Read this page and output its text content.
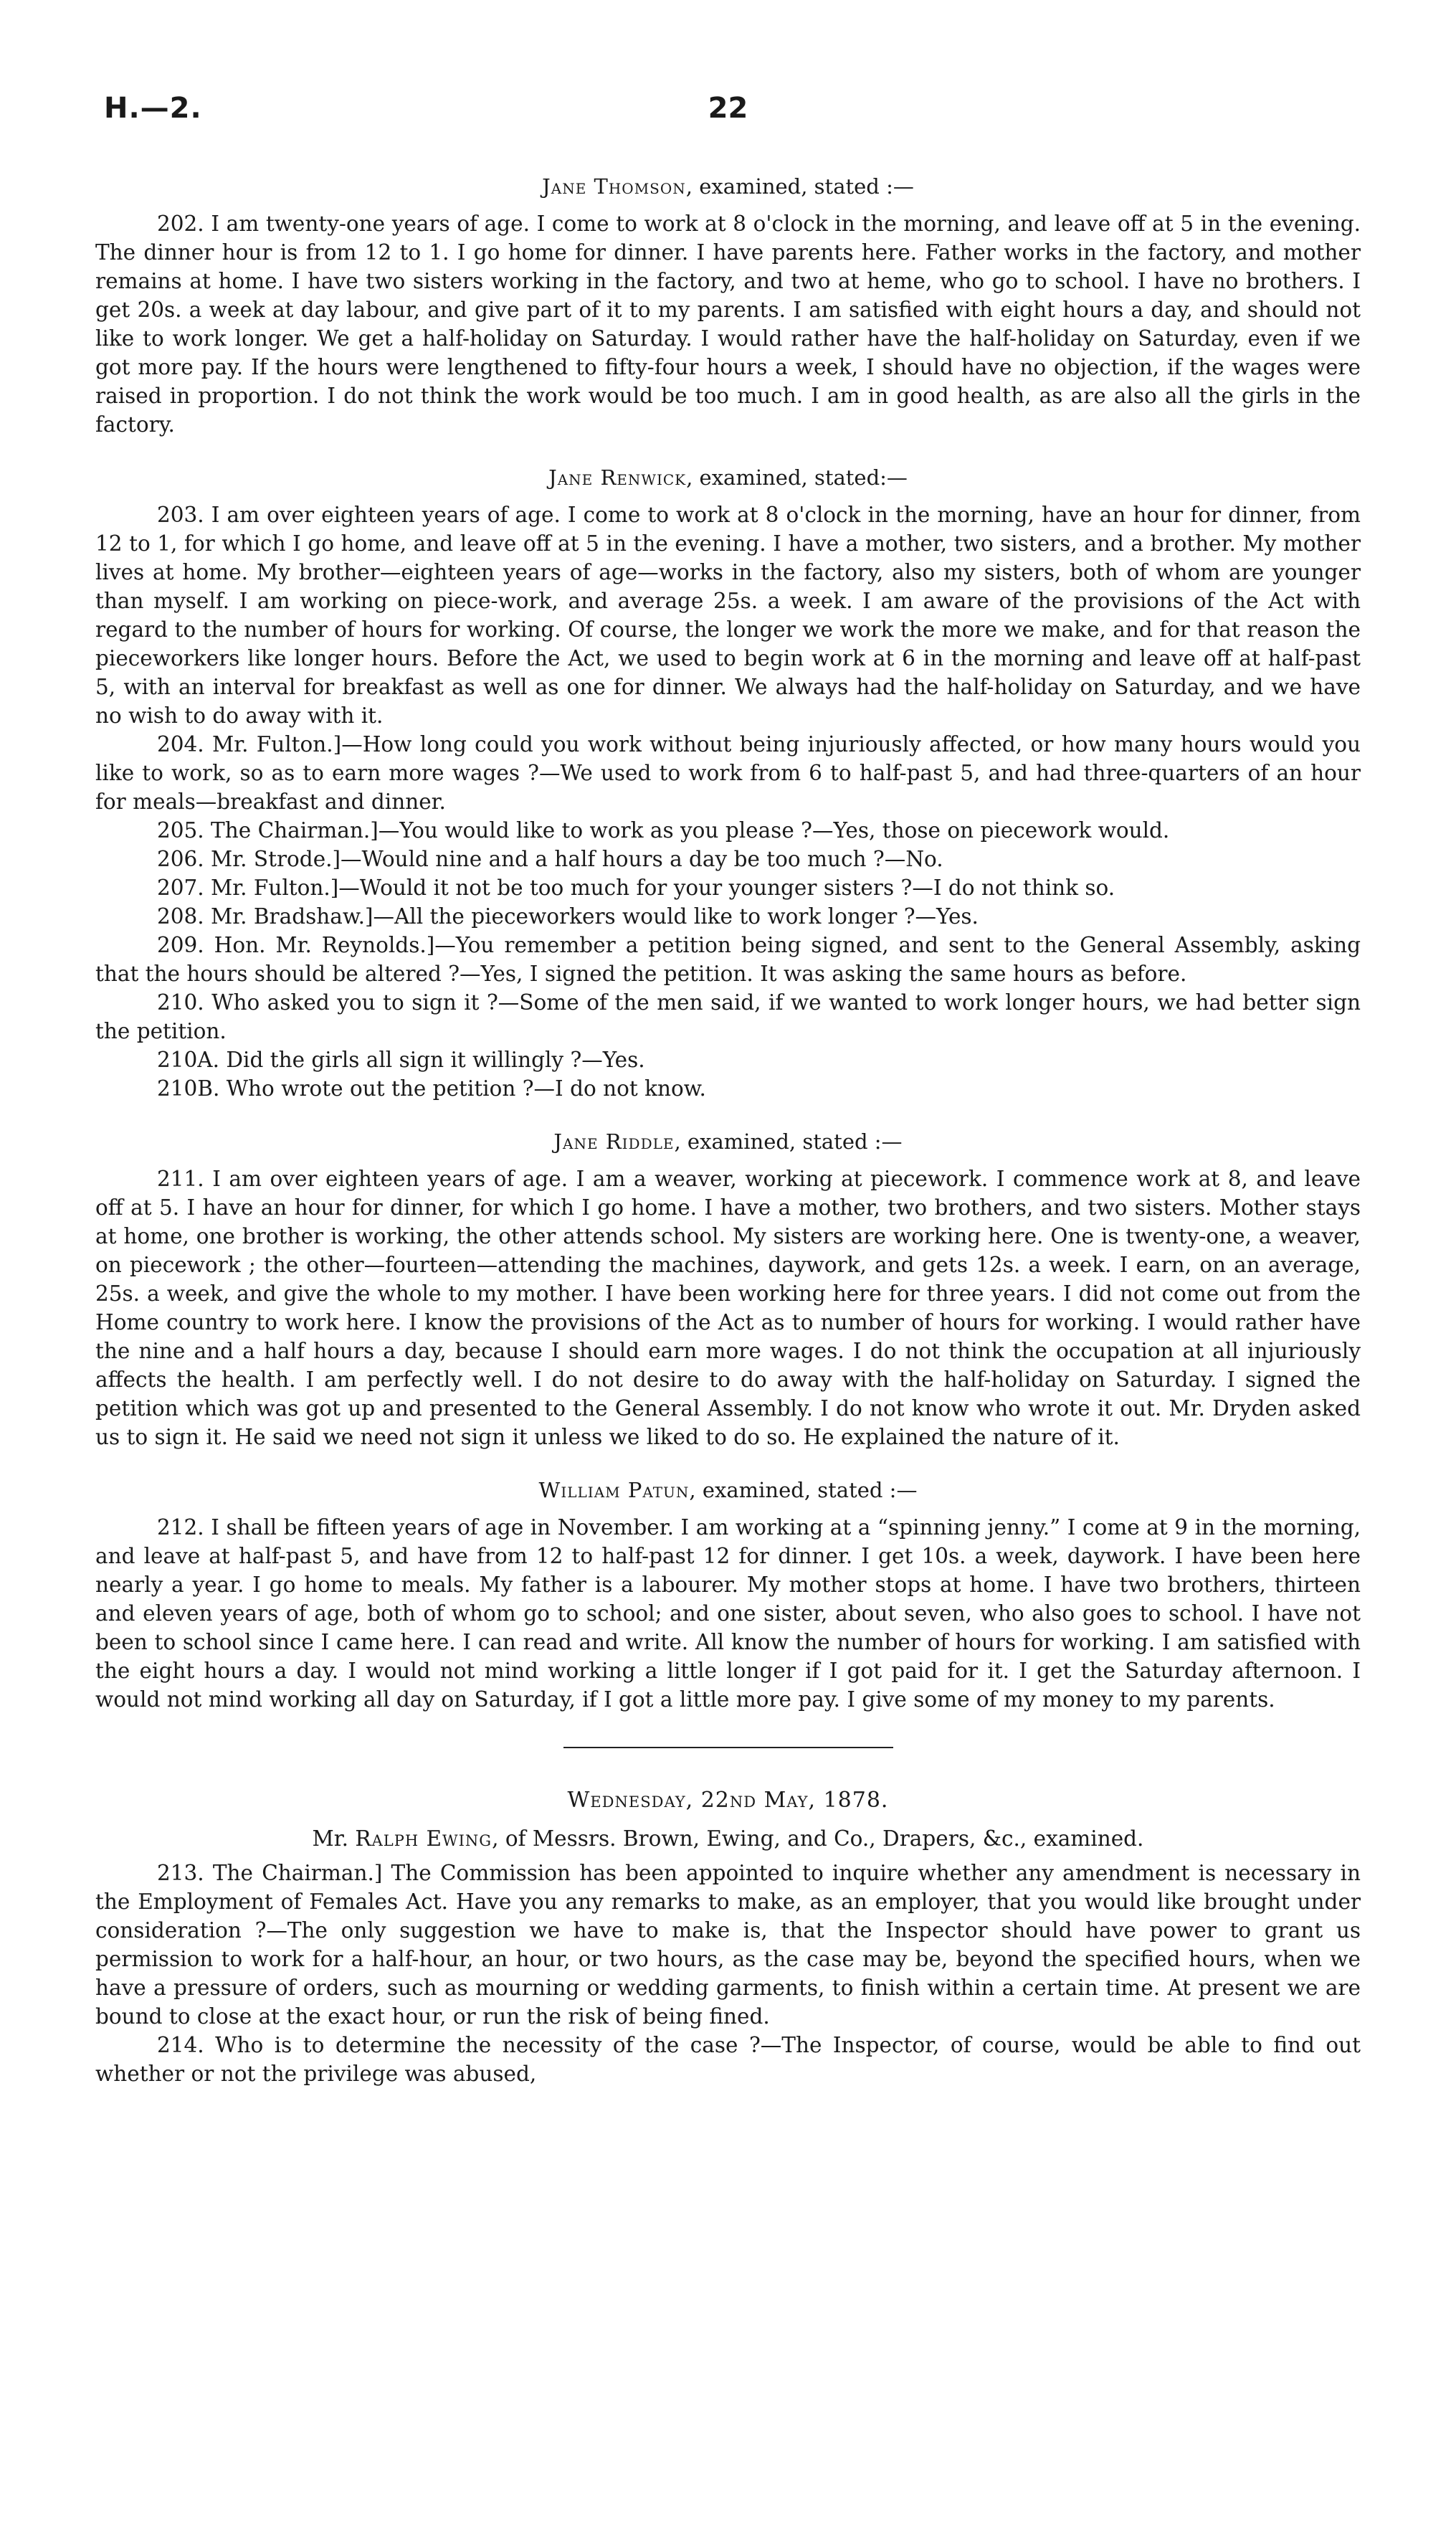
H.—2.	22

Jane Thomson, examined, stated :—

202. I am twenty-one years of age. I come to work at 8 o'clock in the morning, and leave off at 5 in the evening. The dinner hour is from 12 to 1. I go home for dinner. I have parents here. Father works in the factory, and mother remains at home. I have two sisters working in the factory, and two at heme, who go to school. I have no brothers. I get 20s. a week at day labour, and give part of it to my parents. I am satisfied with eight hours a day, and should not like to work longer. We get a half-holiday on Saturday. I would rather have the half-holiday on Saturday, even if we got more pay. If the hours were lengthened to fifty-four hours a week, I should have no objection, if the wages were raised in proportion. I do not think the work would be too much. I am in good health, as are also all the girls in the factory.

Jane Renwick, examined, stated:—

203. I am over eighteen years of age. I come to work at 8 o'clock in the morning, have an hour for dinner, from 12 to 1, for which I go home, and leave off at 5 in the evening. I have a mother, two sisters, and a brother. My mother lives at home. My brother—eighteen years of age—works in the factory, also my sisters, both of whom are younger than myself. I am working on piece-work, and average 25s. a week. I am aware of the provisions of the Act with regard to the number of hours for working. Of course, the longer we work the more we make, and for that reason the pieceworkers like longer hours. Before the Act, we used to begin work at 6 in the morning and leave off at half-past 5, with an interval for breakfast as well as one for dinner. We always had the half-holiday on Saturday, and we have no wish to do away with it.

204. Mr. Fulton.]—How long could you work without being injuriously affected, or how many hours would you like to work, so as to earn more wages ?—We used to work from 6 to half-past 5, and had three-quarters of an hour for meals—breakfast and dinner.

205. The Chairman.]—You would like to work as you please ?—Yes, those on piecework would.

206. Mr. Strode.]—Would nine and a half hours a day be too much ?—No.

207. Mr. Fulton.]—Would it not be too much for your younger sisters ?—I do not think so.

208. Mr. Bradshaw.]—All the pieceworkers would like to work longer ?—Yes.

209. Hon. Mr. Reynolds.]—You remember a petition being signed, and sent to the General Assembly, asking that the hours should be altered ?—Yes, I signed the petition. It was asking the same hours as before.

210. Who asked you to sign it ?—Some of the men said, if we wanted to work longer hours, we had better sign the petition.

210A. Did the girls all sign it willingly ?—Yes.

210B. Who wrote out the petition ?—I do not know.

Jane Riddle, examined, stated :—

211. I am over eighteen years of age. I am a weaver, working at piecework. I commence work at 8, and leave off at 5. I have an hour for dinner, for which I go home. I have a mother, two brothers, and two sisters. Mother stays at home, one brother is working, the other attends school. My sisters are working here. One is twenty-one, a weaver, on piecework ; the other—fourteen—attending the machines, daywork, and gets 12s. a week. I earn, on an average, 25s. a week, and give the whole to my mother. I have been working here for three years. I did not come out from the Home country to work here. I know the provisions of the Act as to number of hours for working. I would rather have the nine and a half hours a day, because I should earn more wages. I do not think the occupation at all injuriously affects the health. I am perfectly well. I do not desire to do away with the half-holiday on Saturday. I signed the petition which was got up and presented to the General Assembly. I do not know who wrote it out. Mr. Dryden asked us to sign it. He said we need not sign it unless we liked to do so. He explained the nature of it.

William Patun, examined, stated :—

212. I shall be fifteen years of age in November. I am working at a “spinning jenny.” I come at 9 in the morning, and leave at half-past 5, and have from 12 to half-past 12 for dinner. I get 10s. a week, daywork. I have been here nearly a year. I go home to meals. My father is a labourer. My mother stops at home. I have two brothers, thirteen and eleven years of age, both of whom go to school; and one sister, about seven, who also goes to school. I have not been to school since I came here. I can read and write. All know the number of hours for working. I am satisfied with the eight hours a day. I would not mind working a little longer if I got paid for it. I get the Saturday afternoon. I would not mind working all day on Saturday, if I got a little more pay. I give some of my money to my parents.

Wednesday, 22nd May, 1878.

Mr. Ralph Ewing, of Messrs. Brown, Ewing, and Co., Drapers, &c., examined.

213. The Chairman.] The Commission has been appointed to inquire whether any amendment is necessary in the Employment of Females Act. Have you any remarks to make, as an employer, that you would like brought under consideration ?—The only suggestion we have to make is, that the Inspector should have power to grant us permission to work for a half-hour, an hour, or two hours, as the case may be, beyond the specified hours, when we have a pressure of orders, such as mourning or wedding garments, to finish within a certain time. At present we are bound to close at the exact hour, or run the risk of being fined.

214. Who is to determine the necessity of the case ?—The Inspector, of course, would be able to find out whether or not the privilege was abused,
